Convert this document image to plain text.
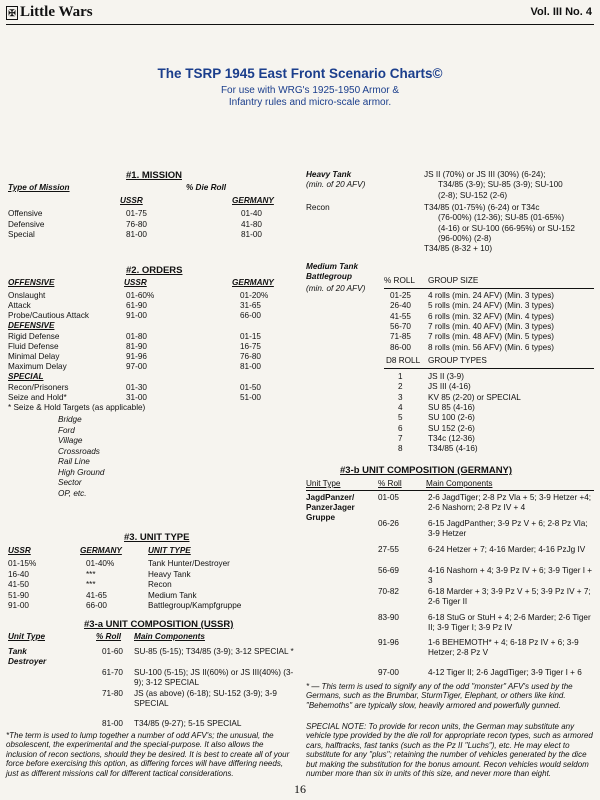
✠ Little Wars	Vol. III No. 4
The TSRP 1945 East Front Scenario Charts©
For use with WRG's 1925-1950 Armor & Infantry rules and micro-scale armor.
#1. MISSION
Type of Mission	% Die Roll
USSR	GERMANY
Offensive	01-75	01-40
Defensive	76-80	41-80
Special	81-00	81-00
#2. ORDERS
OFFENSIVE	USSR	GERMANY
Onslaught	01-60%	01-20%
Attack	61-90	31-65
Probe/Cautious Attack	91-00	66-00
DEFENSIVE
Rigid Defense	01-80	01-15
Fluid Defense	81-90	16-75
Minimal Delay	91-96	76-80
Maximum Delay	97-00	81-00
SPECIAL
Recon/Prisoners	01-30	01-50
Seize and Hold*	31-00	51-00
* Seize & Hold Targets (as applicable)
Bridge
Ford
Village
Crossroads
Rail Line
High Ground
Sector
OP, etc.
#3. UNIT TYPE
USSR	GERMANY	UNIT TYPE
01-15%	01-40%	Tank Hunter/Destroyer
16-40	***	Heavy Tank
41-50	***	Recon
51-90	41-65	Medium Tank
91-00	66-00	Battlegroup/Kampfgruppe
#3-a UNIT COMPOSITION (USSR)
Unit Type	% Roll Main Components
Tank Destroyer
01-60 SU-85 (5-15); T34/85 (3-9); 3-12 SPECIAL *
61-70 SU-100 (5-15); JS II(60%) or JS III(40%) (3-9); 3-12 SPECIAL
71-80 JS (as above) (6-18); SU-152 (3-9); 3-9 SPECIAL
81-00 T34/85 (9-27); 5-15 SPECIAL
*The term is used to lump together a number of odd AFV's; the unusual, the obsolescent, the experimental and the special-purpose. It also allows the inclusion of recon sections, should they be desired. It is best to create all of your force before exercising this option, as differing forces will have differing needs, just as different missions call for different tactical considerations.
Heavy Tank
(min. of 20 AFV)
JS II (70%) or JS III (30%) (6-24);
T34/85 (3-9); SU-85 (3-9); SU-100
(2-8); SU-152 (2-6)
Recon	T34/85 (01-75%) (6-24) or T34c
(76-00%) (12-36); SU-85 (01-65%)
(4-16) or SU-100 (66-95%) or SU-152
(96-00%) (2-8)
T34/85 (8-32 + 10)
Medium Tank Battlegroup
(min. of 20 AFV)
% ROLL GROUP SIZE
01-25 4 rolls (min. 24 AFV) (Min. 3 types)
26-40 5 rolls (min. 24 AFV) (Min. 3 types)
41-55 6 rolls (min. 32 AFV) (Min. 4 types)
56-70 7 rolls (min. 40 AFV) (Min. 3 types)
71-85 7 rolls (min. 48 AFV) (Min. 5 types)
86-00 8 rolls (min. 56 AFV) (Min. 6 types)
D8 ROLL GROUP TYPES
1	JS II (3-9)
2	JS III (4-16)
3	KV 85 (2-20) or SPECIAL
4	SU 85 (4-16)
5	SU 100 (2-6)
6	SU 152 (2-6)
7	T34c (12-36)
8	T34/85 (4-16)
#3-b UNIT COMPOSITION (GERMANY)
Unit Type	% Roll	Main Components
JagdPanzer/ PanzerJager Gruppe
01-05	2-6 JagdTiger; 2-8 Pz Vla + 5; 3-9 Hetzer +4; 2-6 Nashorn; 2-8 Pz IV + 4
06-26	6-15 JagdPanther; 3-9 Pz V + 6; 2-8 Pz Vla; 3-9 Hetzer
27-55	6-24 Hetzer + 7; 4-16 Marder; 4-16 PzJg IV
56-69	4-16 Nashorn + 4; 3-9 Pz IV + 6; 3-9 Tiger I + 3
70-82	6-18 Marder + 3; 3-9 Pz V + 5; 3-9 Pz IV + 7; 2-6 Tiger II
83-90	6-18 StuG or StuH + 4; 2-6 Marder; 2-6 Tiger II; 3-9 Tiger I; 3-9 Pz IV
91-96	1-6 BEHEMOTH* + 4; 6-18 Pz IV + 6; 3-9 Hetzer; 2-8 Pz V
97-00	4-12 Tiger II; 2-6 JagdTiger; 3-9 Tiger I + 6
* — This term is used to signify any of the odd "monster" AFV's used by the Germans, such as the Brumbar, SturmTiger, Elephant, or others like kind. "Behemoths" are typically slow, heavily armored and powerfully gunned.
SPECIAL NOTE: To provide for recon units, the German may substitute any vehicle type provided by the die roll for appropriate recon types, such as armored cars, halftracks, fast tanks (such as the Pz II "Luchs"), etc. He may elect to substitute for any "plus"; retaining the number of vehicles generated by the dice but making the substitution for the bonus amount. Recon vehicles would seldom number more than six in units of this size, and never more than eight.
16
